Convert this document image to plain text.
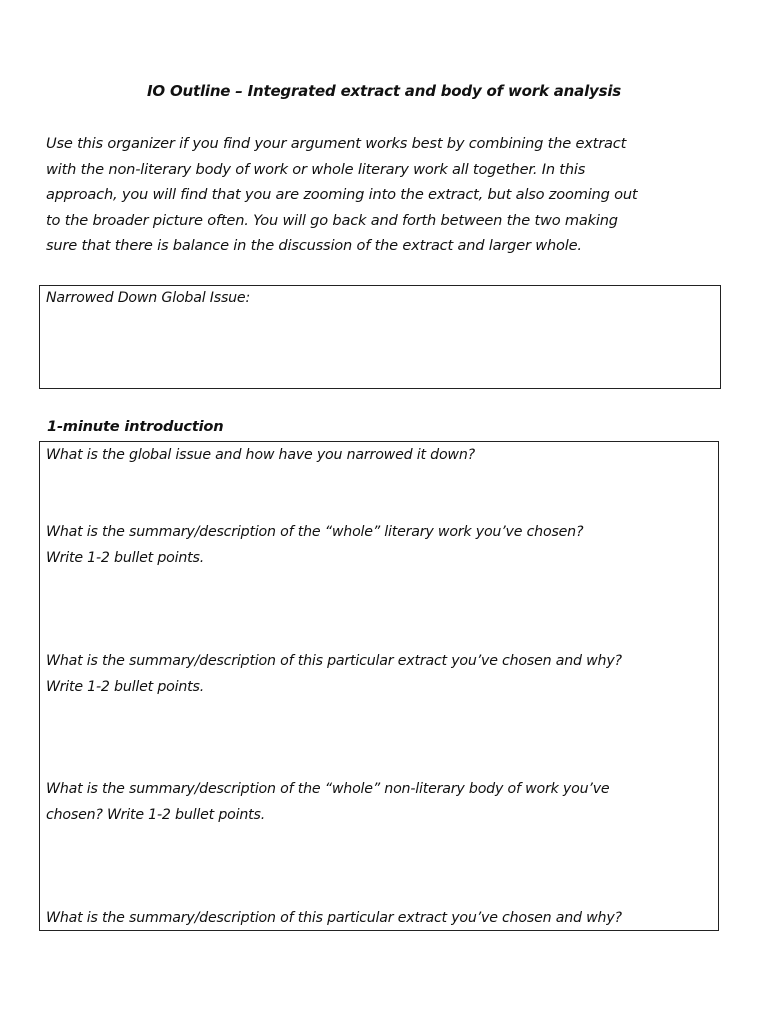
IO Outline – Integrated extract and body of work analysis
Use this organizer if you find your argument works best by combining the extract
with the non-literary body of work or whole literary work all together. In this
approach, you will find that you are zooming into the extract, but also zooming out
to the broader picture often. You will go back and forth between the two making
sure that there is balance in the discussion of the extract and larger whole.
Narrowed Down Global Issue:
1-minute introduction
What is the global issue and how have you narrowed it down?
What is the summary/description of the “whole” literary work you’ve chosen?
Write 1-2 bullet points.
What is the summary/description of this particular extract you’ve chosen and why?
Write 1-2 bullet points.
What is the summary/description of the “whole” non-literary body of work you’ve
chosen? Write 1-2 bullet points.
What is the summary/description of this particular extract you’ve chosen and why?
